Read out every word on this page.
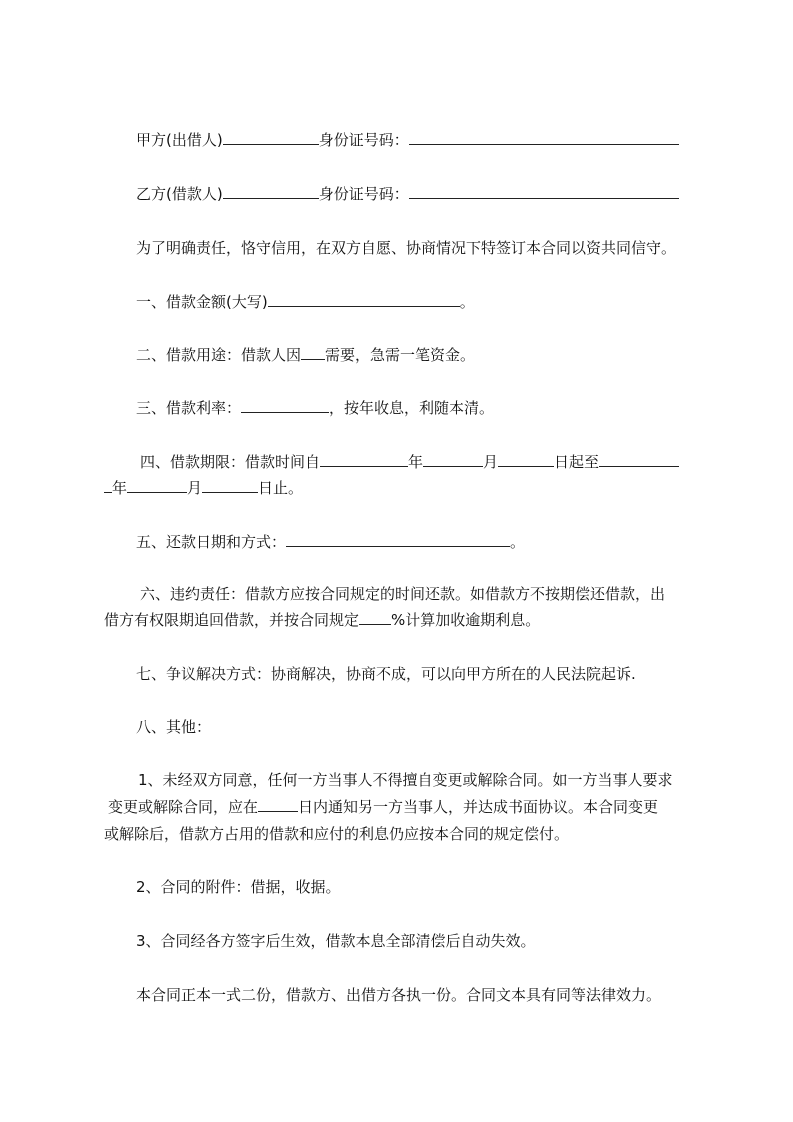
甲方(出借人)	身份证号码：

乙方(借款人)	身份证号码：

为了明确责任，恪守信用，在双方自愿、协商情况下特签订本合同以资共同信守。

一、借款金额(大写)	。

二、借款用途：借款人因 需要，急需一笔资金。

三、借款利率：	，按年收息，利随本清。

四、借款期限：借款时间自	年	月	日起至

年	月	日止。

五、还款日期和方式：	。

六、违约责任：借款方应按合同规定的时间还款。如借款方不按期偿还借款，出

借方有权限期追回借款，并按合同规定 %计算加收逾期利息。

七、争议解决方式：协商解决，协商不成，可以向甲方所在的人民法院起诉.

八、其他：

1、未经双方同意，任何一方当事人不得擅自变更或解除合同。如一方当事人要求

变更或解除合同，应在	日内通知另一方当事人，并达成书面协议。本合同变更

或解除后，借款方占用的借款和应付的利息仍应按本合同的规定偿付。

2、合同的附件：借据，收据。

3、合同经各方签字后生效，借款本息全部清偿后自动失效。

本合同正本一式二份，借款方、出借方各执一份。合同文本具有同等法律效力。
